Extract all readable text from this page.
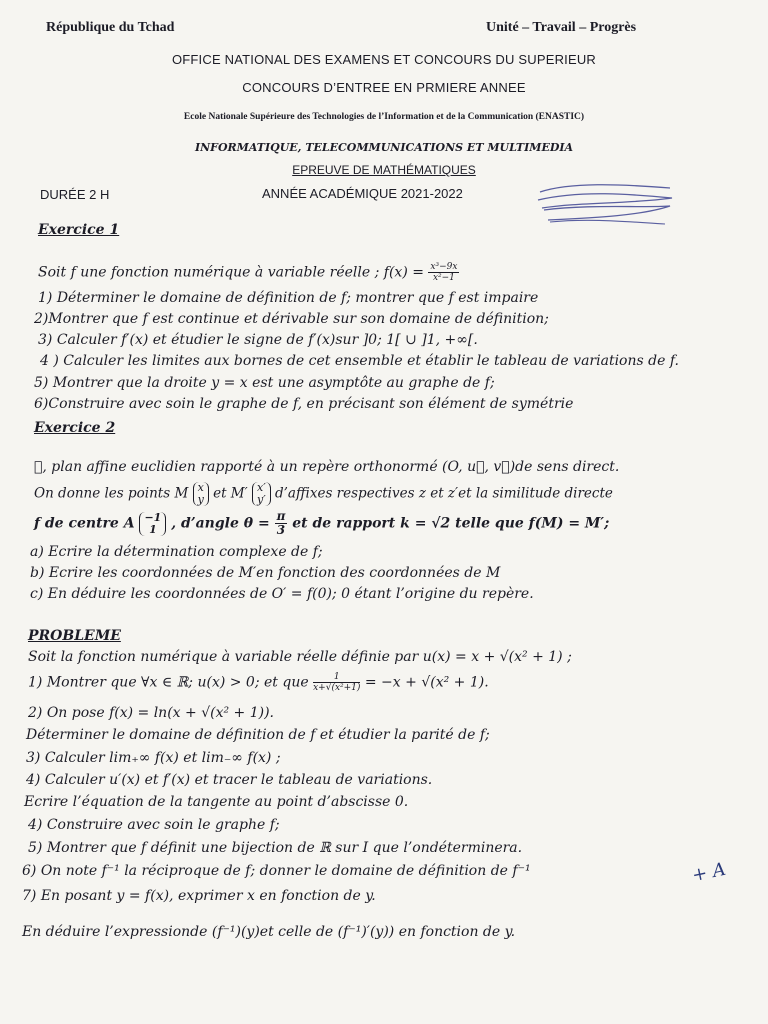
République du Tchad	Unité – Travail – Progrès
OFFICE NATIONAL DES EXAMENS ET CONCOURS DU SUPERIEUR
CONCOURS D’ENTREE EN PRMIERE ANNEE
Ecole Nationale Supérieure des Technologies de l’Information et de la Communication (ENASTIC)
INFORMATIQUE, TELECOMMUNICATIONS ET MULTIMEDIA
EPREUVE DE MATHÉMATIQUES
DURÉE 2 H	ANNÉE ACADÉMIQUE 2021-2022
Exercice 1
Soit f une fonction numérique à variable réelle ; $f(x) = \frac{\text{x³−9x}}{\text{x²−1}}$
1) Déterminer le domaine de définition de f; montrer que f est impaire
2)Montrer que f est continue et dérivable sur son domaine de définition;
3) Calculer f′(x) et étudier le signe de f′(x)sur ]0; 1[ ∪ ]1, +∞[.
4 ) Calculer les limites aux bornes de cet ensemble et établir le tableau de variations de f.
5) Montrer que la droite y = x est une asymptôte au graphe de f;
6)Construire avec soin le graphe de f, en précisant son élément de symétrie
Exercice 2
℘, plan affine euclidien rapporté à un repère orthonormé (O, u⃗, v⃗)de sens direct.
On donne les points M x
y et M′ x′
y′ d’affixes respectives z et z′et la similitude directe
f de centre A −1
1	, d’angle $\theta = \frac{\pi}{3}$ et de rapport k = √2 telle que f(M) = M′;
a) Ecrire la détermination complexe de f;
b) Ecrire les coordonnées de M′en fonction des coordonnées de M
c) En déduire les coordonnées de O′ = f(0); 0 étant l’origine du repère.
PROBLEME
Soit la fonction numérique à variable réelle définie par u(x) = x + √(x² + 1) ;
1) Montrer que ∀x ∈ ℝ; u(x) > 0; et que $\frac{1}{\text{x+√(x²+1)}} = -x + √(x^2 + 1)$.
2) On pose f(x) = ln(x + √(x² + 1)).
Déterminer le domaine de définition de f et étudier la parité de f;
3) Calculer lim₊∞ f(x) et lim₋∞ f(x) ;
4) Calculer u′(x) et f′(x) et tracer le tableau de variations.
Ecrire l’équation de la tangente au point d’abscisse 0.
4) Construire avec soin le graphe f;
5) Montrer que f définit une bijection de ℝ sur I que l’ondéterminera.
6) On note f⁻¹ la réciproque de f; donner le domaine de définition de f⁻¹
7) En posant y = f(x), exprimer x en fonction de y.
En déduire l’expressionde (f⁻¹)(y)et celle de (f⁻¹)′(y)) en fonction de y.
+ A
